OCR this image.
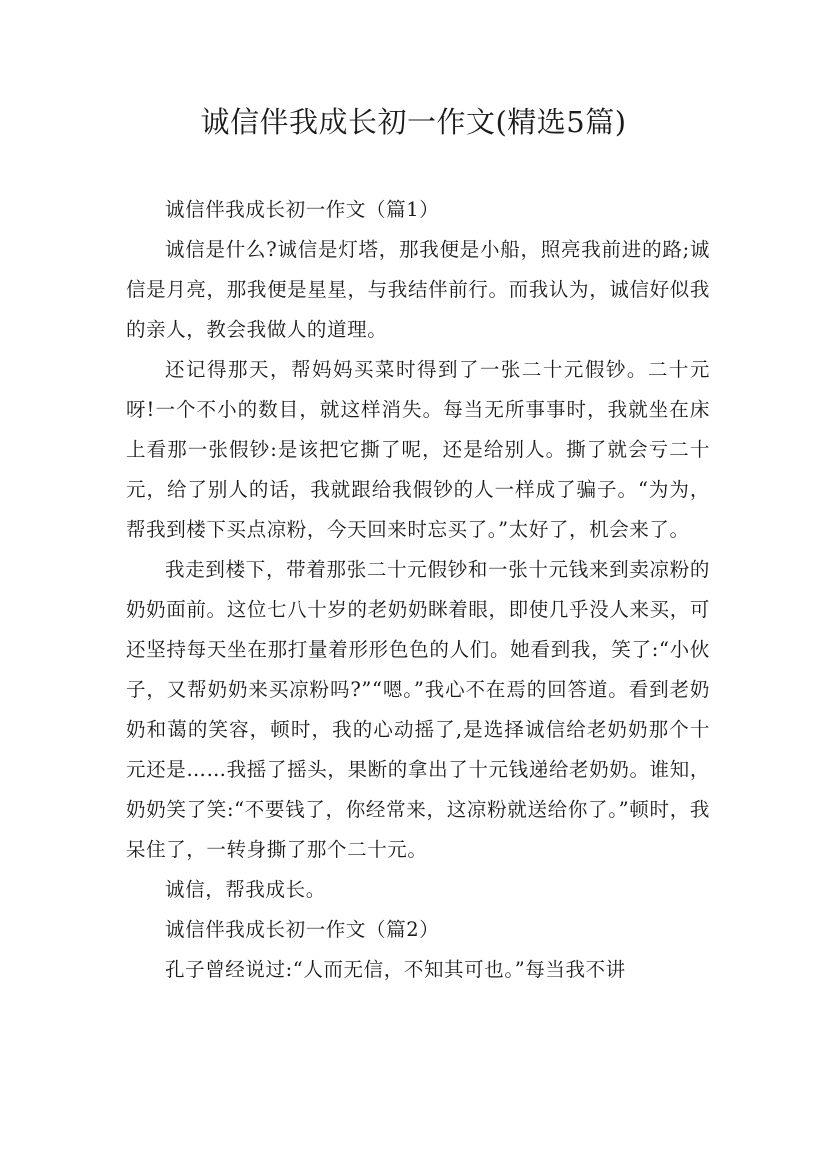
诚信伴我成长初一作文(精选5篇)

诚信伴我成长初一作文（篇1）

诚信是什么?诚信是灯塔，那我便是小船，照亮我前进的路;诚信是月亮，那我便是星星，与我结伴前行。而我认为，诚信好似我的亲人，教会我做人的道理。

还记得那天，帮妈妈买菜时得到了一张二十元假钞。二十元呀!一个不小的数目，就这样消失。每当无所事事时，我就坐在床上看那一张假钞:是该把它撕了呢，还是给别人。撕了就会亏二十元，给了别人的话，我就跟给我假钞的人一样成了骗子。“为为，帮我到楼下买点凉粉，今天回来时忘买了。”太好了，机会来了。

我走到楼下，带着那张二十元假钞和一张十元钱来到卖凉粉的奶奶面前。这位七八十岁的老奶奶眯着眼，即使几乎没人来买，可还坚持每天坐在那打量着形形色色的人们。她看到我，笑了:“小伙子，又帮奶奶来买凉粉吗?”“嗯。”我心不在焉的回答道。看到老奶奶和蔼的笑容，顿时，我的心动摇了,是选择诚信给老奶奶那个十元还是……我摇了摇头，果断的拿出了十元钱递给老奶奶。谁知，奶奶笑了笑:“不要钱了，你经常来，这凉粉就送给你了。”顿时，我呆住了，一转身撕了那个二十元。

诚信，帮我成长。

诚信伴我成长初一作文（篇2）

孔子曾经说过:“人而无信，不知其可也。”每当我不讲
